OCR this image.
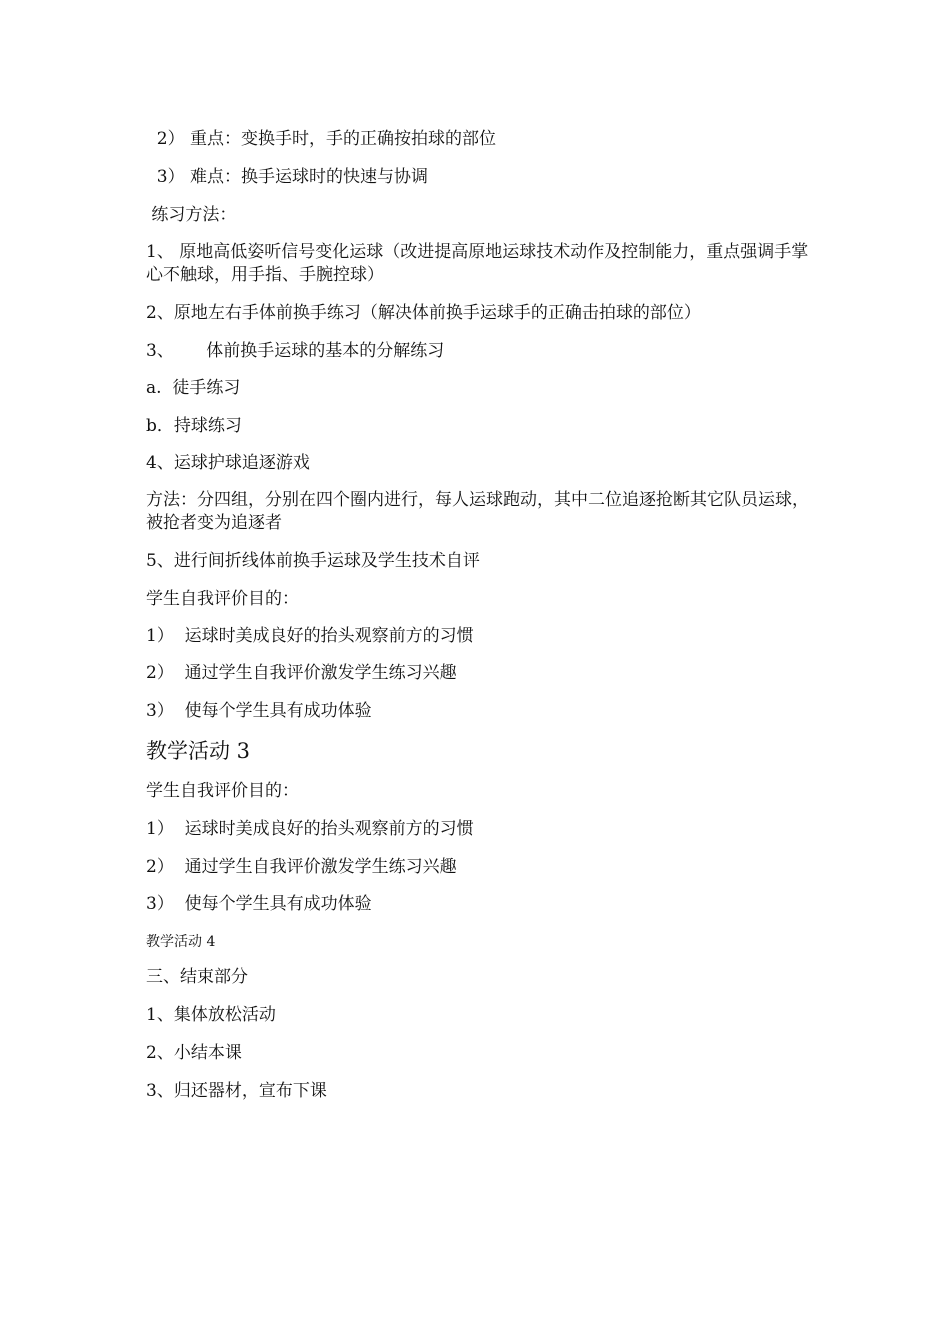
2） 重点：变换手时，手的正确按拍球的部位

3） 难点：换手运球时的快速与协调

练习方法：

1、 原地高低姿听信号变化运球（改进提高原地运球技术动作及控制能力，重点强调手掌心不触球，用手指、手腕控球）

2、原地左右手体前换手练习（解决体前换手运球手的正确击拍球的部位）

3、      体前换手运球的基本的分解练习

a.  徒手练习

b．持球练习

4、运球护球追逐游戏

方法：分四组，分别在四个圈内进行，每人运球跑动，其中二位追逐抢断其它队员运球，被抢者变为追逐者

5、进行间折线体前换手运球及学生技术自评

学生自我评价目的：

1）  运球时美成良好的抬头观察前方的习惯

2）  通过学生自我评价激发学生练习兴趣

3）  使每个学生具有成功体验

教学活动 3

学生自我评价目的：

1）  运球时美成良好的抬头观察前方的习惯

2）  通过学生自我评价激发学生练习兴趣

3）  使每个学生具有成功体验

教学活动 4

三、结束部分

1、集体放松活动

2、小结本课

3、归还器材，宣布下课
